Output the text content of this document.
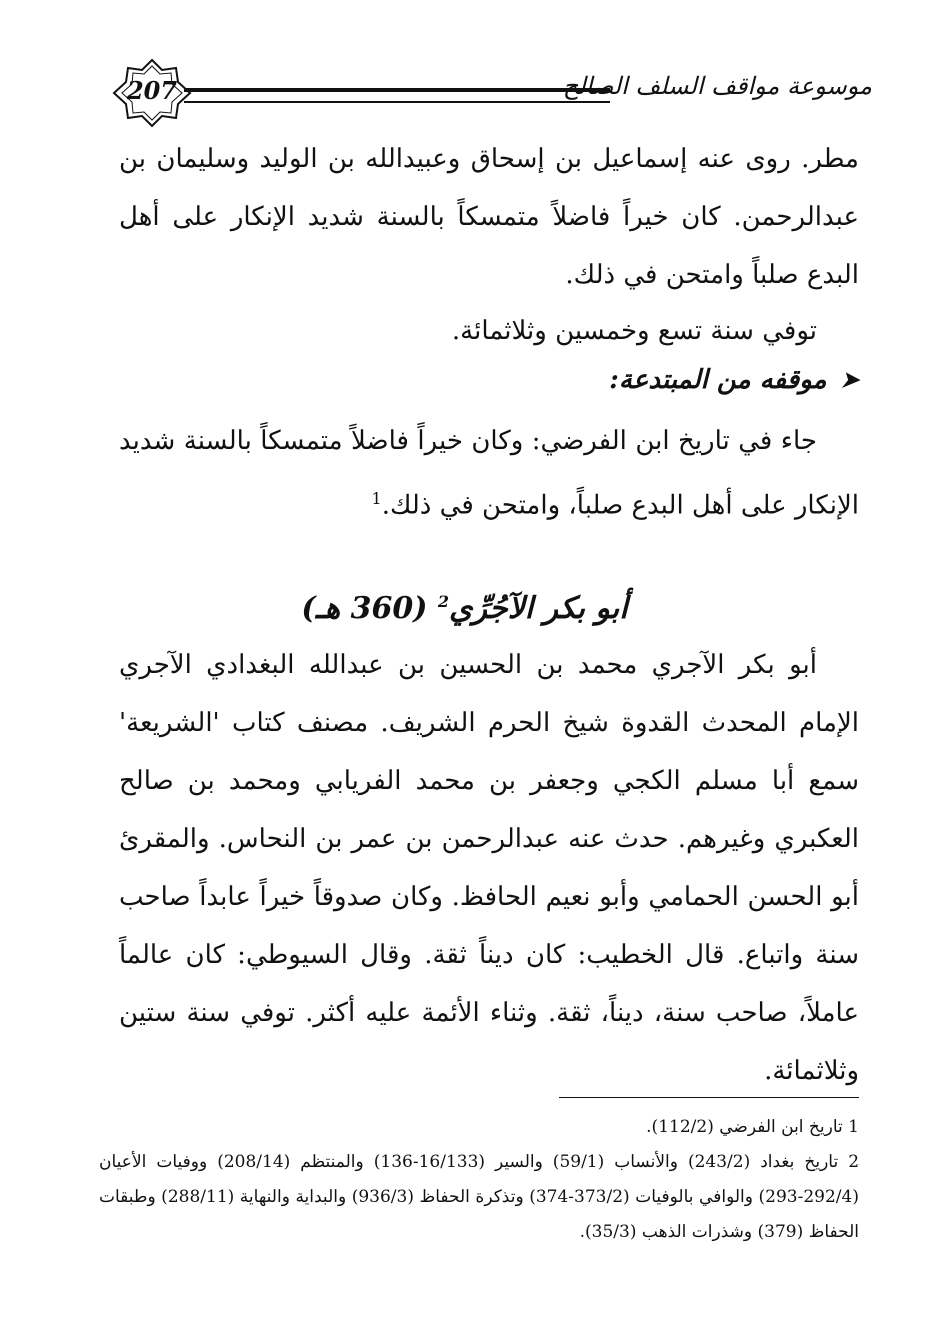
207	موسوعة مواقف السلف الصالح

مطر. روى عنه إسماعيل بن إسحاق وعبيدالله بن الوليد وسليمان بن عبدالرحمن. كان خيراً فاضلاً متمسكاً بالسنة شديد الإنكار على أهل البدع صلباً وامتحن في ذلك.

توفي سنة تسع وخمسين وثلاثمائة.

➤
موقفه من المبتدعة:

جاء في تاريخ ابن الفرضي: وكان خيراً فاضلاً متمسكاً بالسنة شديد الإنكار على أهل البدع صلباً، وامتحن في ذلك.$^1$

أبو بكر الآجُرِّي$^2$ (360 هـ)

أبو بكر الآجري محمد بن الحسين بن عبدالله البغدادي الآجري الإمام المحدث القدوة شيخ الحرم الشريف. مصنف كتاب 'الشريعة' سمع أبا مسلم الكجي وجعفر بن محمد الفريابي ومحمد بن صالح العكبري وغيرهم. حدث عنه عبدالرحمن بن عمر بن النحاس. والمقرئ أبو الحسن الحمامي وأبو نعيم الحافظ. وكان صدوقاً خيراً عابداً صاحب سنة واتباع. قال الخطيب: كان ديناً ثقة. وقال السيوطي: كان عالماً عاملاً، صاحب سنة، ديناً، ثقة. وثناء الأئمة عليه أكثر. توفي سنة ستين وثلاثمائة.

1 تاريخ ابن الفرضي (112/2).

2 تاريخ بغداد (243/2) والأنساب (59/1) والسير (16/133-136) والمنتظم (208/14) ووفيات الأعيان (292/4-293) والوافي بالوفيات (373/2-374) وتذكرة الحفاظ (936/3) والبداية والنهاية (288/11) وطبقات الحفاظ (379) وشذرات الذهب (35/3).
